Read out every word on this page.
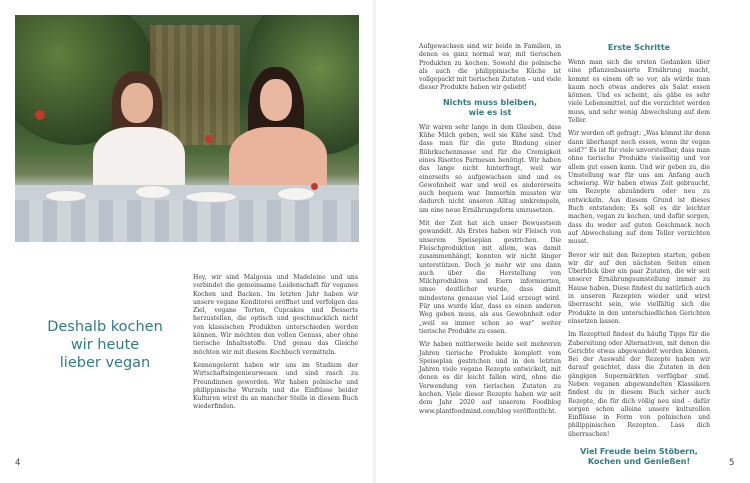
Deshalb kochen
wir heute
lieber vegan

Hey, wir sind Malgosia und Madeleine und uns verbindet die gemeinsame Leidenschaft für veganes Kochen und Backen. Im letzten Jahr haben wir unsere vegane Konditorei eröffnet und verfolgen das Ziel, vegane Torten, Cupcakes und Desserts herzustellen, die optisch und geschmacklich nicht von klassischen Produkten unterschieden werden können. Wir möchten den vollen Genuss, aber ohne tierische Inhaltsstoffe. Und genau das Gleiche möchten wir mit diesem Kochbuch vermitteln.

Kennengelernt haben wir uns im Studium der Wirtschaftsingenieurwesen und sind rasch zu Freundinnen geworden. Wir haben polnische und philippinische Wurzeln und die Einflüsse beider Kulturen wirst du an mancher Stelle in diesem Buch wiederfinden.

4

Aufgewachsen sind wir beide in Familien, in denen es ganz normal war, mit tierischen Produkten zu kochen. Sowohl die polnische als auch die philippinische Küche ist vollgepackt mit tierischen Zutaten – und viele dieser Produkte haben wir geliebt!

Nichts muss bleiben,
wie es ist

Wir waren sehr lange in dem Glauben, dass Kühe Milch geben, weil sie Kühe sind. Und dass man für die gute Bindung einer Rührkuchenmasse und für die Cremigkeit eines Risottos Parmesan benötigt. Wir haben das lange nicht hinterfragt, weil wir einerseits so aufgewachsen sind und es Gewohnheit war und weil es andererseits auch bequem war. Immerhin mussten wir dadurch nicht unseren Alltag umkrempeln, um eine neue Ernährungsform umzusetzen.

Mit der Zeit hat sich unser Bewusstsein gewandelt. Als Erstes haben wir Fleisch von unserem Speiseplan gestrichen. Die Fleischproduktion mit allem, was damit zusammenhängt, konnten wir nicht länger unterstützen. Doch je mehr wir uns dann auch über die Herstellung von Milchprodukten und Eiern informierten, umso deutlicher wurde, dass damit mindestens genauso viel Leid erzeugt wird. Für uns wurde klar, dass es einen anderen Weg geben muss, als aus Gewohnheit oder „weil es immer schon so war“ weiter tierische Produkte zu essen.

Wir haben mittlerweile beide seit mehreren Jahren tierische Produkte komplett vom Speiseplan gestrichen und in den letzten Jahren viele vegane Rezepte entwickelt, mit denen es dir leicht fallen wird, ohne die Verwendung von tierischen Zutaten zu kochen. Viele dieser Rezepte haben wir seit dem Jahr 2020 auf unserem Foodblog www.plantfoodmind.com/blog veröffentlicht.

Erste Schritte

Wenn man sich die ersten Gedanken über eine pflanzenbasierte Ernährung macht, kommt es einem oft so vor, als würde man kaum noch etwas anderes als Salat essen können. Und es scheint, als gäbe es sehr viele Lebensmittel, auf die verzichtet werden muss, und sehr wenig Abwechslung auf dem Teller.

Wir werden oft gefragt: „Was kömmt ihr denn dann überhaupt noch essen, wenn ihr vegan seid?“ Es ist für viele unvorstellbar, dass man ohne tierische Produkte vielseitig und vor allem gut essen kann. Und wir geben zu, die Umstellung war für uns am Anfang auch schwierig. Wir haben etwas Zeit gebraucht, um Rezepte abzuändern oder neu zu entwickeln. Aus diesem Grund ist dieses Buch entstanden: Es soll es dir leichter machen, vegan zu kochen, und dafür sorgen, dass du weder auf guten Geschmack noch auf Abwechslung auf dem Teller verzichten musst.

Bevor wir mit den Rezepten starten, geben wir dir auf den nächsten Seiten einen Überblick über ein paar Zutaten, die wir seit unserer Ernährungsumstellung immer zu Hause haben. Diese findest du natürlich auch in unseren Rezepten wieder und wirst überrascht sein, wie vielfältig sich die Produkte in den unterschiedlichen Gerichten einsetzen lassen.

Im Rezeptteil findest du häufig Tipps für die Zubereitung oder Alternativen, mit denen die Gerichte etwas abgewandelt werden können. Bei der Auswahl der Rezepte haben wir darauf geachtet, dass die Zutaten in den gängigen Supermärkten verfügbar sind. Neben veganen abgewandelten Klassikern findest du in diesem Buch sicher auch Rezepte, die für dich völlig neu sind – dafür sorgen schon alleine unsere kulturellen Einflüsse in Form von polnischen und philippinischen Rezepten. Lass dich überraschen!

Viel Freude beim Stöbern,
Kochen und Genießen!	5
